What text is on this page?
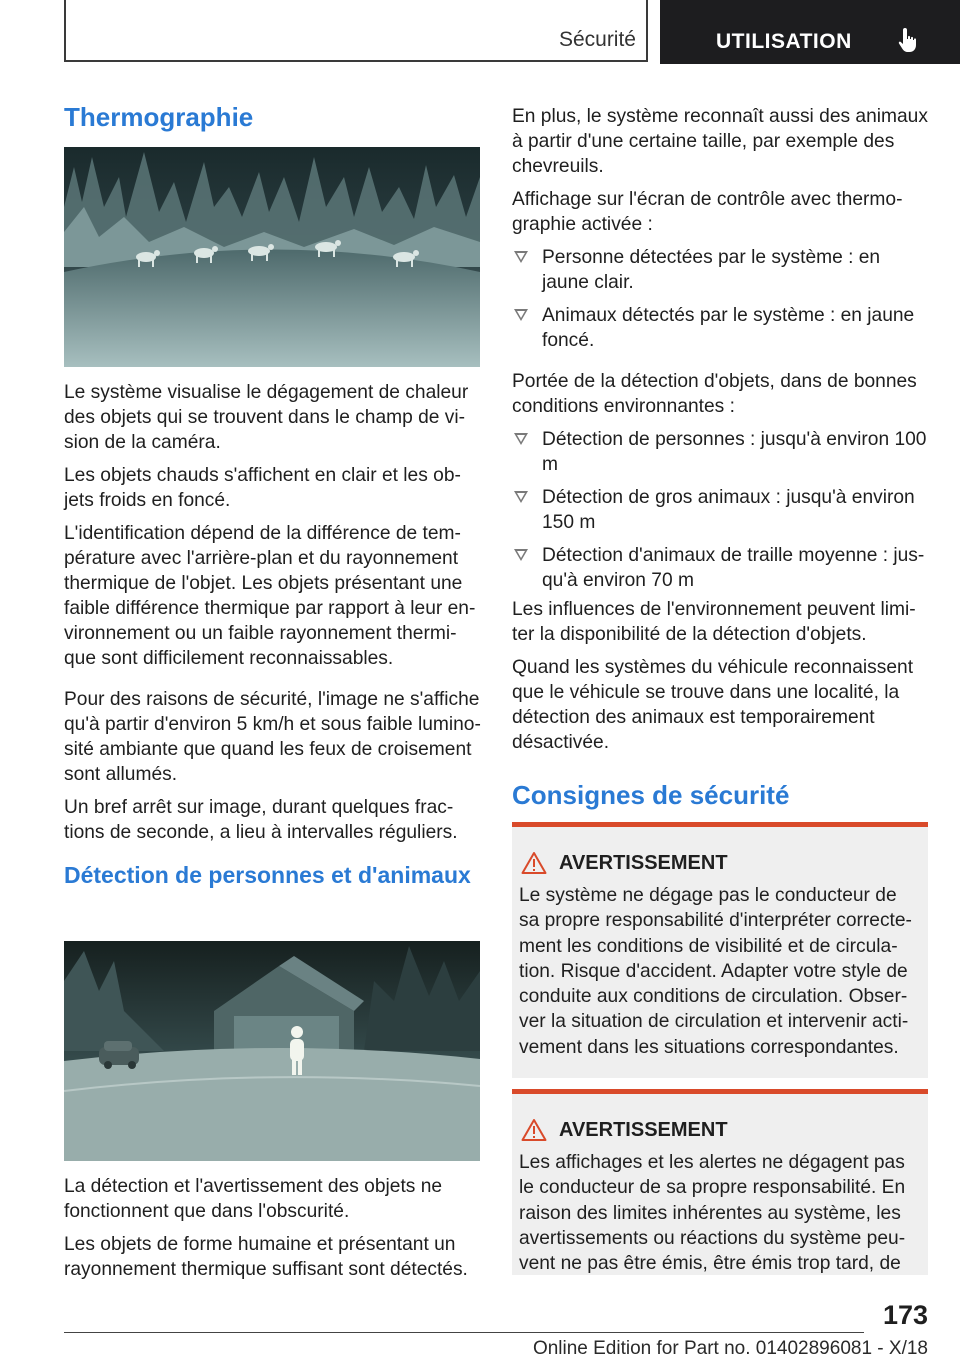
Sécurité	UTILISATION
Thermographie

Le système visualise le dégagement de chaleur des objets qui se trouvent dans le champ de vision de la caméra.

Les objets chauds s'affichent en clair et les objets froids en foncé.

L'identification dépend de la différence de température avec l'arrière-plan et du rayonnement thermique de l'objet. Les objets présentant une faible différence thermique par rapport à leur environnement ou un faible rayonnement thermique sont difficilement reconnaissables.

Pour des raisons de sécurité, l'image ne s'affiche qu'à partir d'environ 5 km/h et sous faible luminosité ambiante que quand les feux de croisement sont allumés.

Un bref arrêt sur image, durant quelques fractions de seconde, a lieu à intervalles réguliers.

Détection de personnes et d'animaux

La détection et l'avertissement des objets ne fonctionnent que dans l'obscurité.

Les objets de forme humaine et présentant un rayonnement thermique suffisant sont détectés.

En plus, le système reconnaît aussi des animaux à partir d'une certaine taille, par exemple des chevreuils.

Affichage sur l'écran de contrôle avec thermographie activée :

Personne détectées par le système : en jaune clair.
Animaux détectés par le système : en jaune foncé.

Portée de la détection d'objets, dans de bonnes conditions environnantes :

Détection de personnes : jusqu'à environ 100 m
Détection de gros animaux : jusqu'à environ 150 m
Détection d'animaux de traille moyenne : jusqu'à environ 70 m

Les influences de l'environnement peuvent limiter la disponibilité de la détection d'objets.

Quand les systèmes du véhicule reconnaissent que le véhicule se trouve dans une localité, la détection des animaux est temporairement désactivée.

Consignes de sécurité
AVERTISSEMENT
Le système ne dégage pas le conducteur de sa propre responsabilité d'interpréter correctement les conditions de visibilité et de circulation. Risque d'accident. Adapter votre style de conduite aux conditions de circulation. Observer la situation de circulation et intervenir activement dans les situations correspondantes.
AVERTISSEMENT
Les affichages et les alertes ne dégagent pas le conducteur de sa propre responsabilité. En raison des limites inhérentes au système, les avertissements ou réactions du système peuvent ne pas être émis, être émis trop tard, de
173
Online Edition for Part no. 01402896081 - X/18
